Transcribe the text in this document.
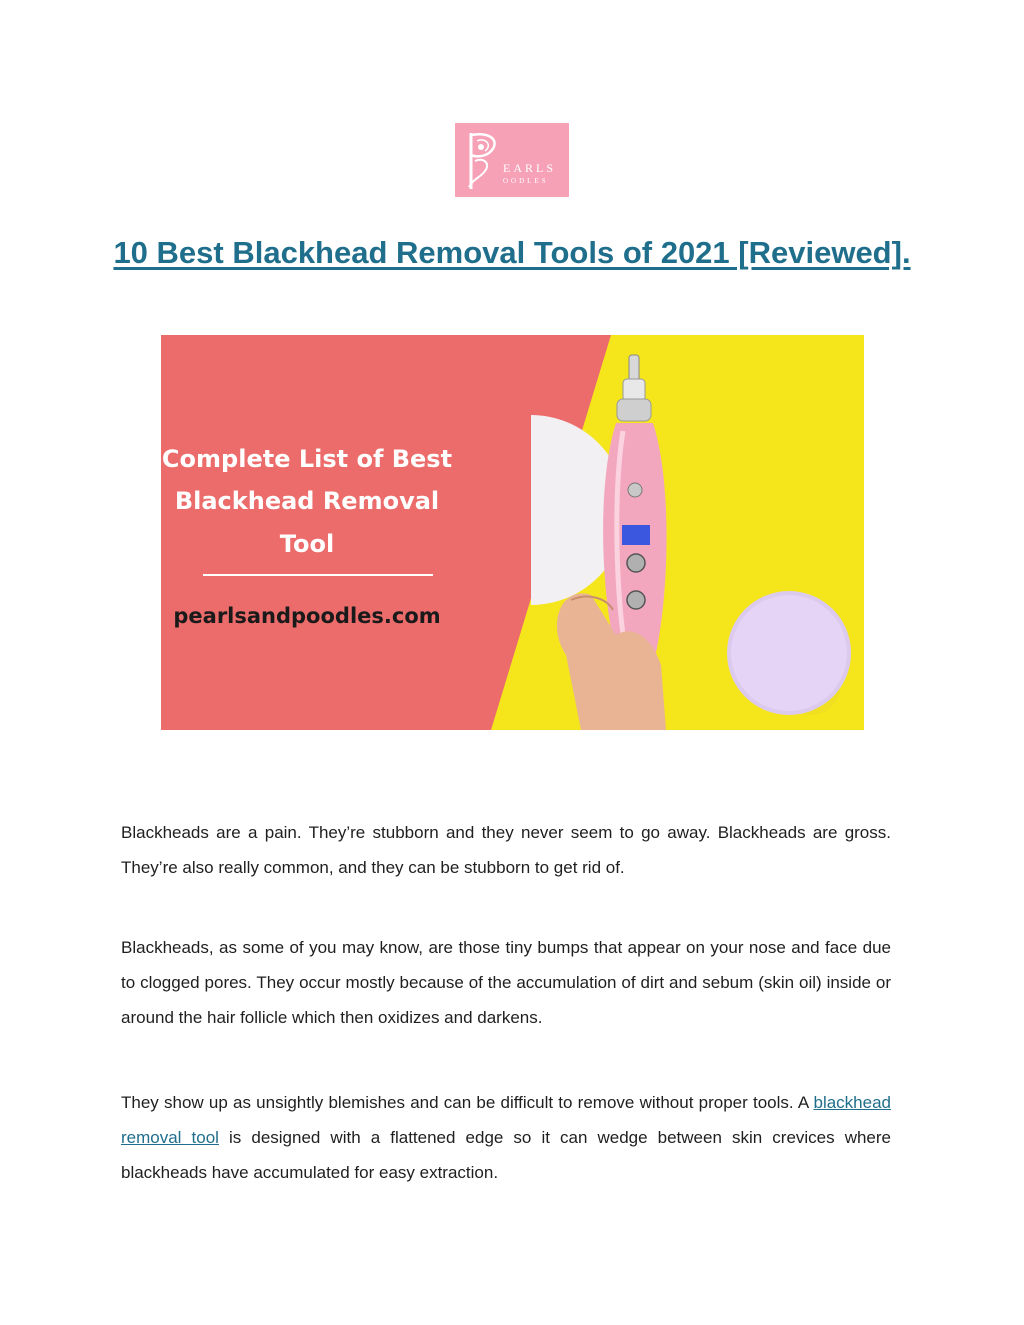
EARLS
OODLES
10 Best Blackhead Removal Tools of 2021 [Reviewed].
Complete List of Best
Blackhead Removal
Tool
pearlsandpoodles.com

Blackheads are a pain. They’re stubborn and they never seem to go away. Blackheads are gross. They’re also really common, and they can be stubborn to get rid of.

Blackheads, as some of you may know, are those tiny bumps that appear on your nose and face due to clogged pores. They occur mostly because of the accumulation of dirt and sebum (skin oil) inside or around the hair follicle which then oxidizes and darkens.

They show up as unsightly blemishes and can be difficult to remove without proper tools. A blackhead removal tool is designed with a flattened edge so it can wedge between skin crevices where blackheads have accumulated for easy extraction.
